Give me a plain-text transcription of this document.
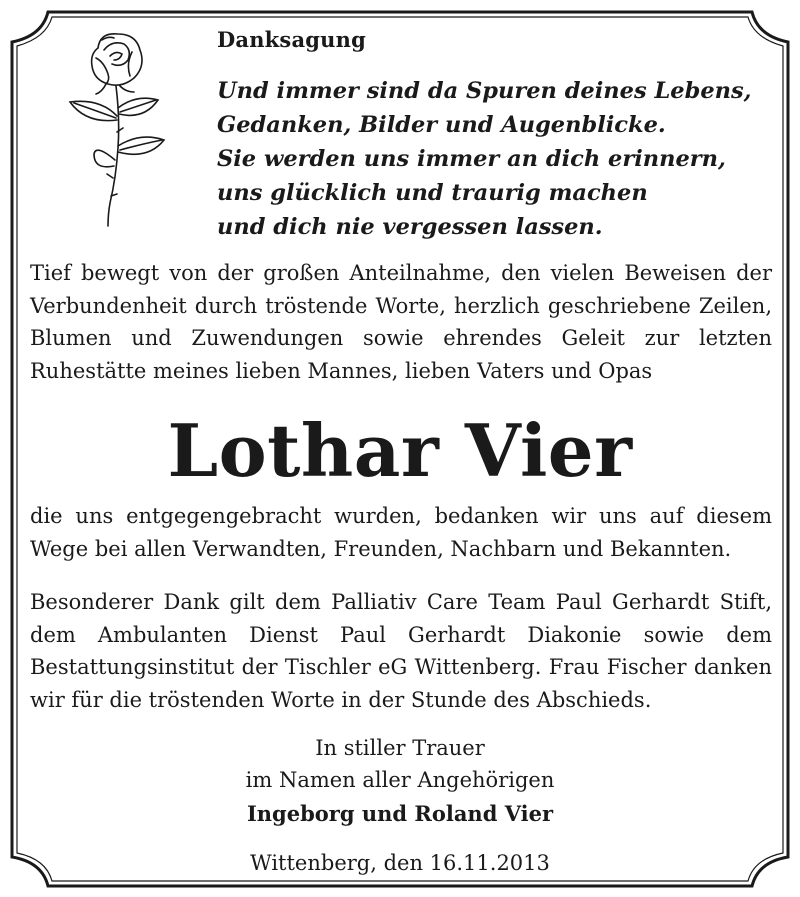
Danksagung
Und immer sind da Spuren deines Lebens,
Gedanken, Bilder und Augenblicke.
Sie werden uns immer an dich erinnern,
uns glücklich und traurig machen
und dich nie vergessen lassen.

Tief bewegt von der großen Anteilnahme, den vielen Beweisen der Verbundenheit durch tröstende Worte, herzlich geschriebene Zeilen, Blumen und Zuwendungen sowie ehrendes Geleit zur letzten Ruhestätte meines lieben Mannes, lieben Vaters und Opas

Lothar Vier

die uns entgegengebracht wurden, bedanken wir uns auf diesem Wege bei allen Verwandten, Freunden, Nachbarn und Bekannten.

Besonderer Dank gilt dem Palliativ Care Team Paul Gerhardt Stift, dem Ambulanten Dienst Paul Gerhardt Diakonie sowie dem Bestattungsinstitut der Tischler eG Wittenberg. Frau Fischer danken wir für die tröstenden Worte in der Stunde des Abschieds.

In stiller Trauer
im Namen aller Angehörigen
Ingeborg und Roland Vier
Wittenberg, den 16.11.2013
